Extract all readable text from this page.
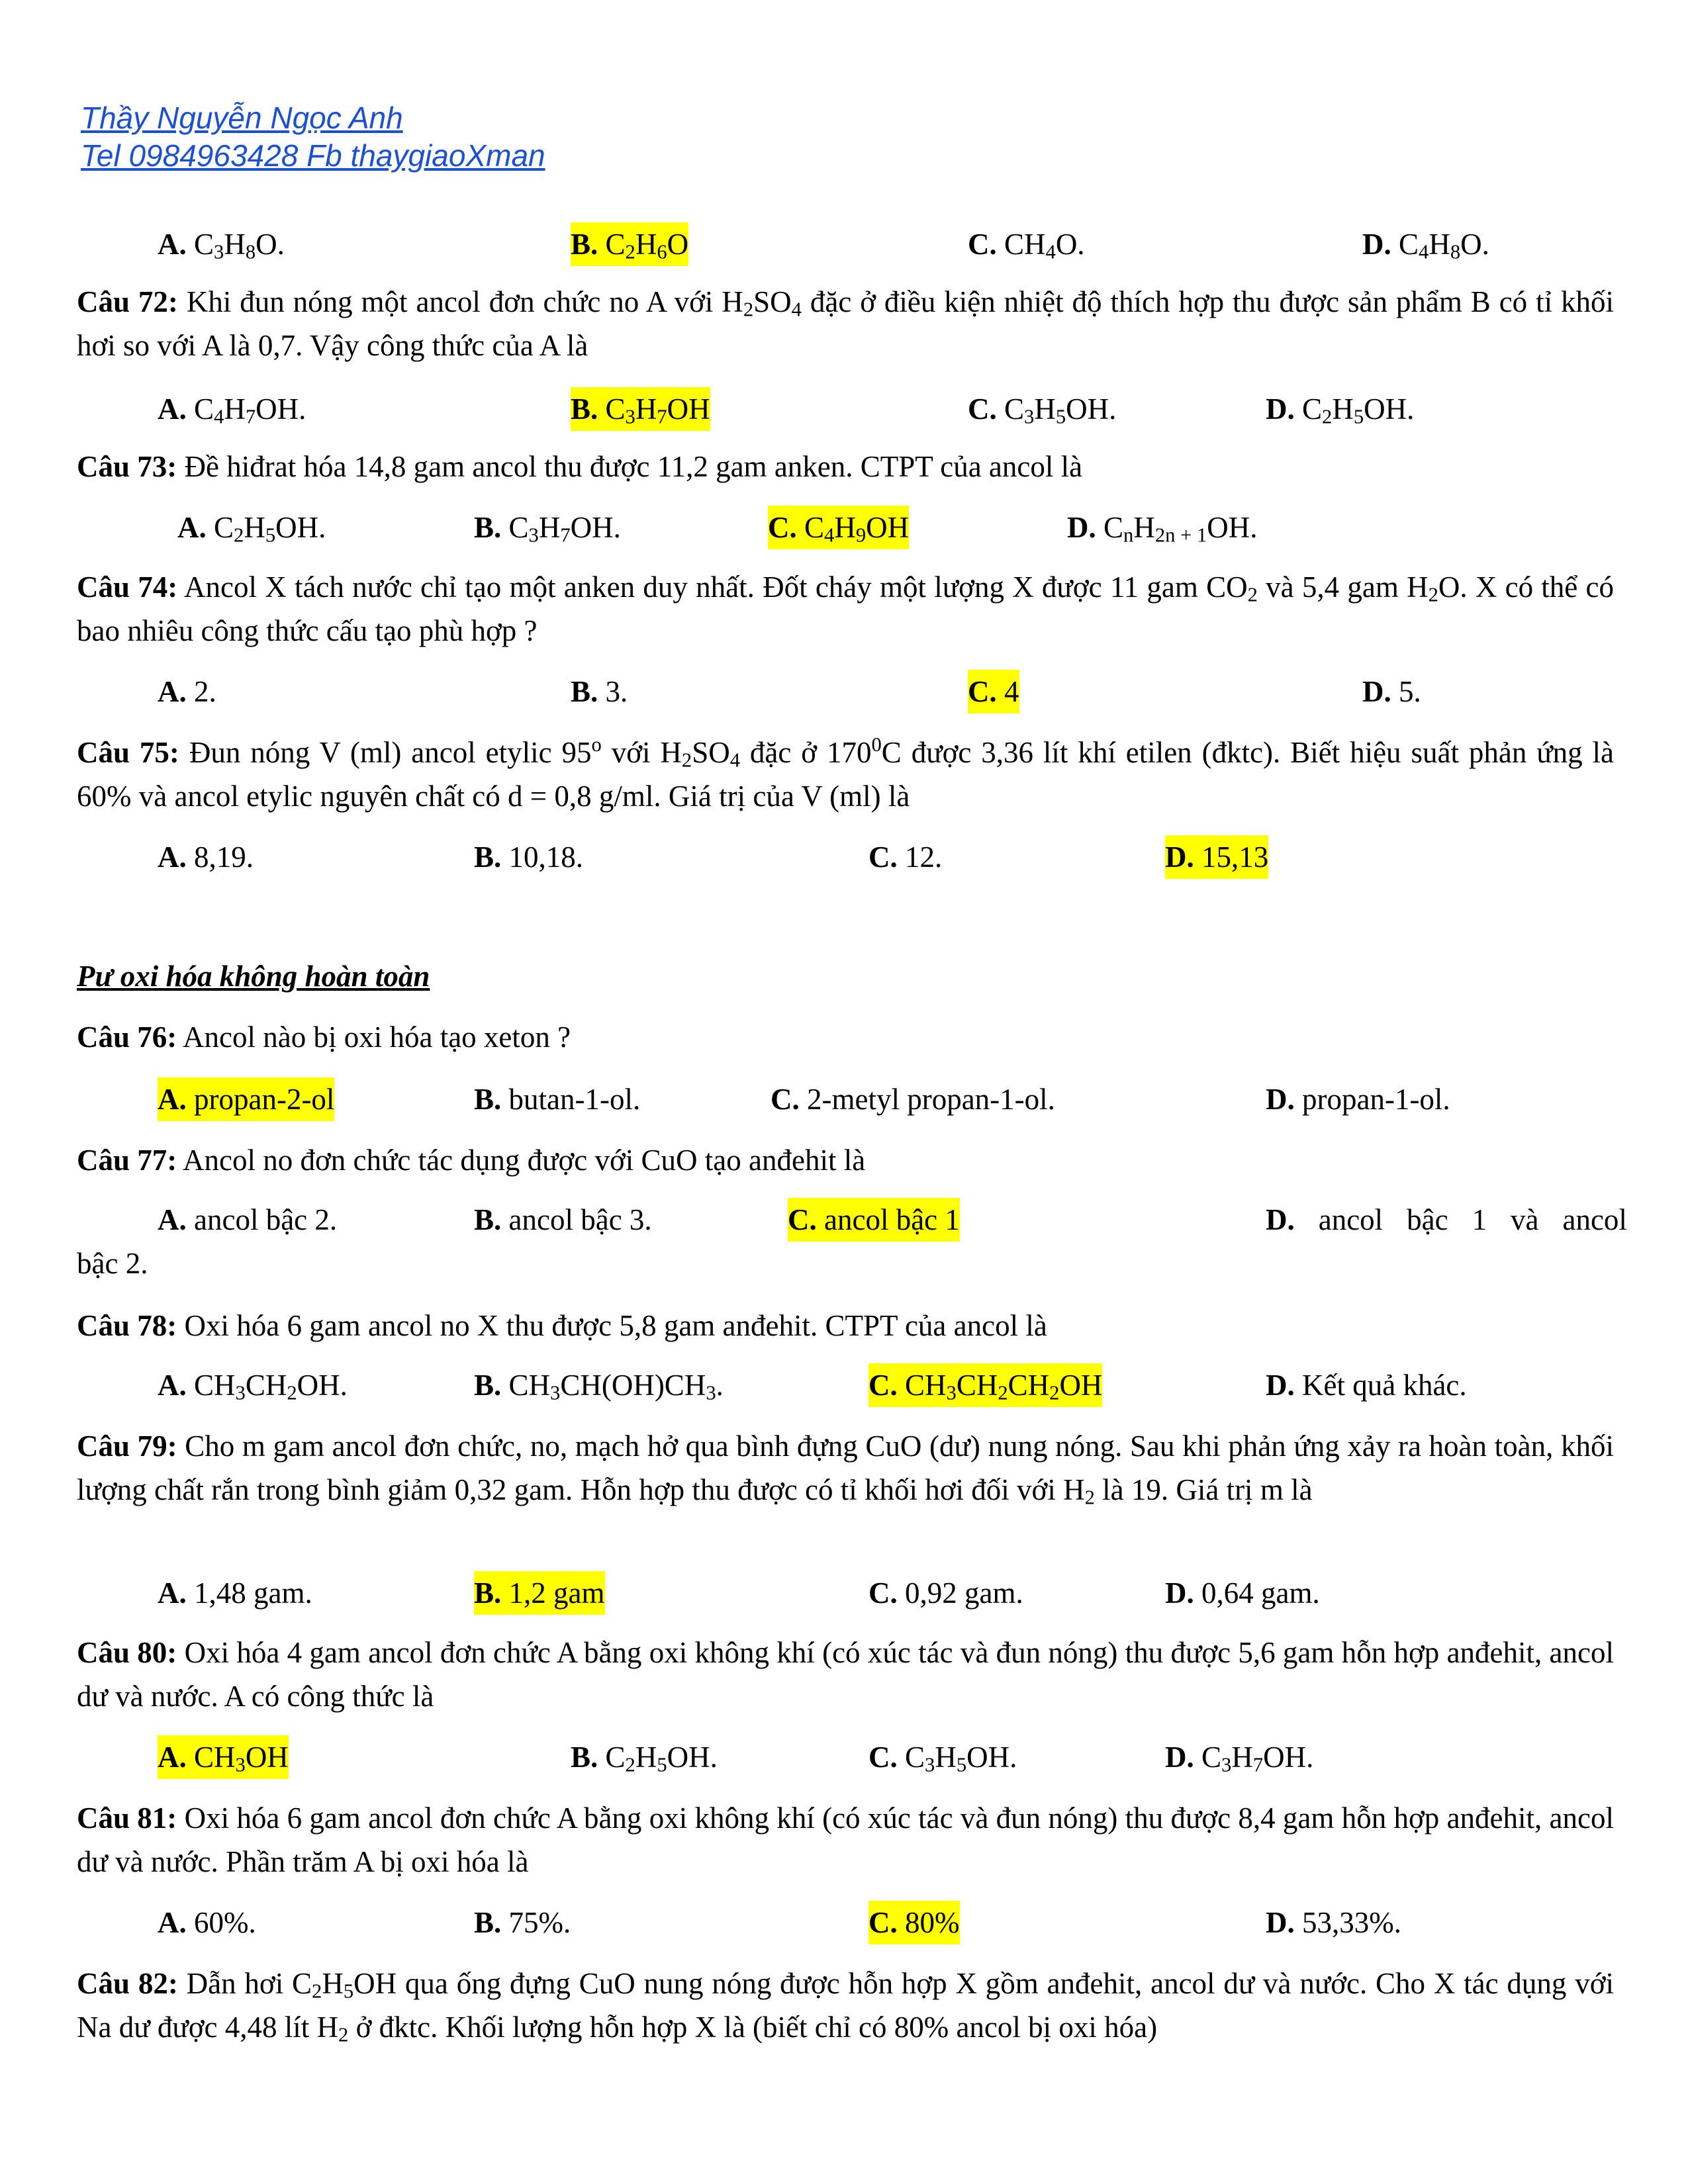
Thầy Nguyễn Ngọc Anh

Tel 0984963428 Fb thaygiaoXman

A. $C_3H_8O$.	B. $C_2H_6O$	C. $CH_4O$.	D. $C_4H_8O$.

Câu 72: Khi đun nóng một ancol đơn chức no A với $H_2SO_4$ đặc ở điều kiện nhiệt độ thích hợp thu được sản phẩm B có tỉ khối hơi so với A là 0,7. Vậy công thức của A là

A. $C_4H_7OH$.	B. $C_3H_7OH$	C. $C_3H_5OH$.	D. $C_2H_5OH$.

Câu 73: Đề hiđrat hóa 14,8 gam ancol thu được 11,2 gam anken. CTPT của ancol là

A. $C_2H_5OH$.	B. $C_3H_7OH$.	C. $C_4H_9OH$	D. $C_nH_{2n + 1}OH$.

Câu 74: Ancol X tách nước chỉ tạo một anken duy nhất. Đốt cháy một lượng X được 11 gam $CO_2$ và 5,4 gam $H_2O$. X có thể có bao nhiêu công thức cấu tạo phù hợp ?

A. 2.	B. 3.	C. 4	D. 5.

Câu 75: Đun nóng V (ml) ancol etylic 95$^o$ với $H_2SO_4$ đặc ở $170^0C$ được 3,36 lít khí etilen (đktc). Biết hiệu suất phản ứng là 60% và ancol etylic nguyên chất có d = 0,8 g/ml. Giá trị của V (ml) là

A. 8,19.	B. 10,18.	C. 12.	D. 15,13

Pư oxi hóa không hoàn toàn

Câu 76: Ancol nào bị oxi hóa tạo xeton ?

A. propan-2-ol	B. butan-1-ol.	C. 2-metyl propan-1-ol.	D. propan-1-ol.

Câu 77: Ancol no đơn chức tác dụng được với CuO tạo anđehit là

A. ancol bậc 2.	B. ancol bậc 3.	C. ancol bậc 1	D. ancol bậc 1 và ancol
bậc 2.

Câu 78: Oxi hóa 6 gam ancol no X thu được 5,8 gam anđehit. CTPT của ancol là

A. $CH_3CH_2OH$.	B. $CH_3CH(OH)CH_3$.	C. $CH_3CH_2CH_2OH$	D. Kết quả khác.

Câu 79: Cho m gam ancol đơn chức, no, mạch hở qua bình đựng CuO (dư) nung nóng. Sau khi phản ứng xảy ra hoàn toàn, khối lượng chất rắn trong bình giảm 0,32 gam. Hỗn hợp thu được có tỉ khối hơi đối với $H_2$ là 19. Giá trị m là

A. 1,48 gam.	B. 1,2 gam	C. 0,92 gam.	D. 0,64 gam.

Câu 80: Oxi hóa 4 gam ancol đơn chức A bằng oxi không khí (có xúc tác và đun nóng) thu được 5,6 gam hỗn hợp anđehit, ancol dư và nước. A có công thức là

A. $CH_3OH$	B. $C_2H_5OH$.	C. $C_3H_5OH$.	D. $C_3H_7OH$.

Câu 81: Oxi hóa 6 gam ancol đơn chức A bằng oxi không khí (có xúc tác và đun nóng) thu được 8,4 gam hỗn hợp anđehit, ancol dư và nước. Phần trăm A bị oxi hóa là

A. 60%.	B. 75%.	C. 80%	D. 53,33%.

Câu 82: Dẫn hơi $C_2H_5OH$ qua ống đựng CuO nung nóng được hỗn hợp X gồm anđehit, ancol dư và nước. Cho X tác dụng với Na dư được 4,48 lít $H_2$ ở đktc. Khối lượng hỗn hợp X là (biết chỉ có 80% ancol bị oxi hóa)
